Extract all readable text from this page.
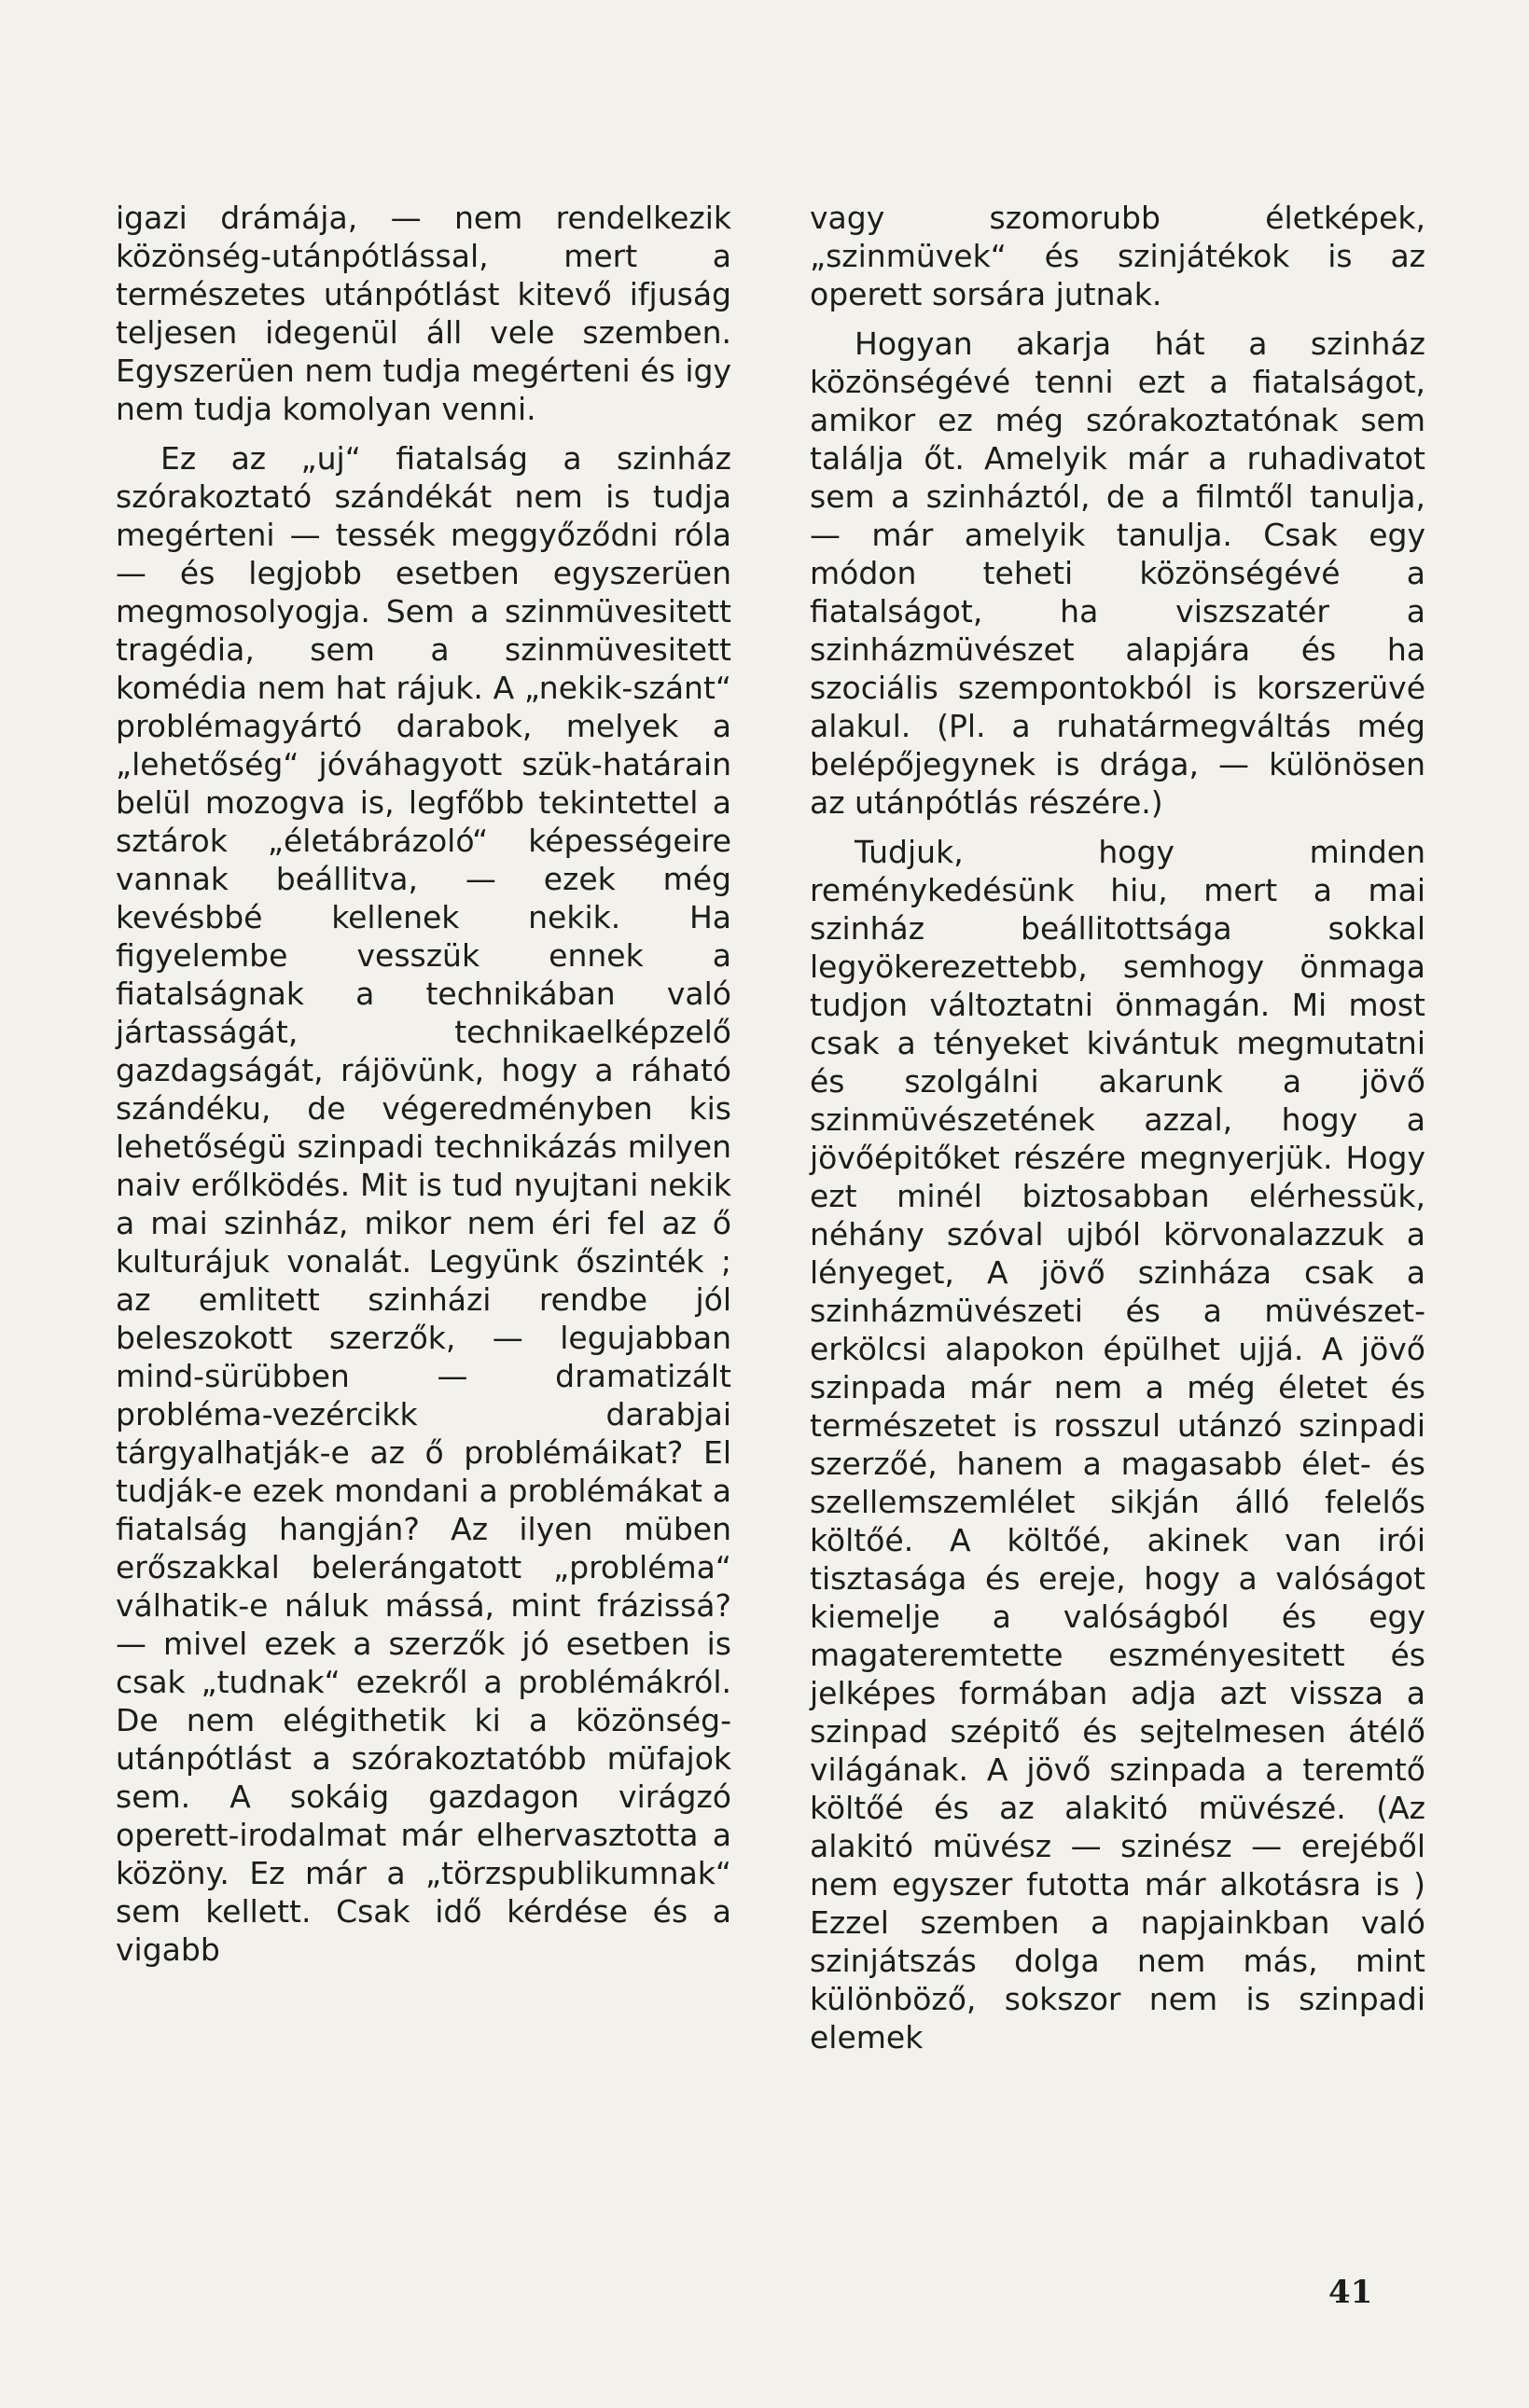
igazi drámája, — nem rendelkezik közönség-utánpótlással, mert a természetes utánpótlást kitevő ifjuság teljesen idegenül áll vele szemben. Egyszerüen nem tudja megérteni és igy nem tudja komolyan venni.

Ez az „uj“ fiatalság a szinház szórakoztató szándékát nem is tudja megérteni — tessék meggyőződni róla — és legjobb esetben egyszerüen megmosolyogja. Sem a szinmüvesitett tragédia, sem a szinmüvesitett komédia nem hat rájuk. A „nekik-szánt“ problémagyártó darabok, melyek a „lehetőség“ jóváhagyott szük-határain belül mozogva is, legfőbb tekintettel a sztárok „életábrázoló“ képességeire vannak beállitva, — ezek még kevésbbé kellenek nekik. Ha figyelembe vesszük ennek a fiatalságnak a technikában való jártasságát, technikaelképzelő gazdagságát, rájövünk, hogy a ráható szándéku, de végeredményben kis lehetőségü szinpadi technikázás milyen naiv erőlködés. Mit is tud nyujtani nekik a mai szinház, mikor nem éri fel az ő kulturájuk vonalát. Legyünk őszinték ; az emlitett szinházi rendbe jól beleszokott szerzők, — legujabban mind-sürübben — dramatizált probléma-vezércikk darabjai tárgyalhatják-e az ő problémáikat? El tudják-e ezek mondani a problémákat a fiatalság hangján? Az ilyen müben erőszakkal belerángatott „probléma“ válhatik-e náluk mássá, mint frázissá? — mivel ezek a szerzők jó esetben is csak „tudnak“ ezekről a problémákról. De nem elégithetik ki a közönség-utánpótlást a szórakoztatóbb müfajok sem. A sokáig gazdagon virágzó operett-irodalmat már elhervasztotta a közöny. Ez már a „törzspublikumnak“ sem kellett. Csak idő kérdése és a vigabb

vagy szomorubb életképek, „szinmüvek“ és szinjátékok is az operett sorsára jutnak.

Hogyan akarja hát a szinház közönségévé tenni ezt a fiatalságot, amikor ez még szórakoztatónak sem találja őt. Amelyik már a ruhadivatot sem a szinháztól, de a filmtől tanulja, — már amelyik tanulja. Csak egy módon teheti közönségévé a fiatalságot, ha viszszatér a szinházmüvészet alapjára és ha szociális szempontokból is korszerüvé alakul. (Pl. a ruhatármegváltás még belépőjegynek is drága, — különösen az utánpótlás részére.)

Tudjuk, hogy minden reménykedésünk hiu, mert a mai szinház beállitottsága sokkal legyökerezettebb, semhogy önmaga tudjon változtatni önmagán. Mi most csak a tényeket kivántuk megmutatni és szolgálni akarunk a jövő szinmüvészetének azzal, hogy a jövőépitőket részére megnyerjük. Hogy ezt minél biztosabban elérhessük, néhány szóval ujból körvonalazzuk a lényeget, A jövő szinháza csak a szinházmüvészeti és a müvészet-erkölcsi alapokon épülhet ujjá. A jövő szinpada már nem a még életet és természetet is rosszul utánzó szinpadi szerzőé, hanem a magasabb élet- és szellemszemlélet sikján álló felelős költőé. A költőé, akinek van irói tisztasága és ereje, hogy a valóságot kiemelje a valóságból és egy magateremtette eszményesitett és jelképes formában adja azt vissza a szinpad szépitő és sejtelmesen átélő világának. A jövő szinpada a teremtő költőé és az alakitó müvészé. (Az alakitó müvész — szinész — erejéből nem egyszer futotta már alkotásra is ) Ezzel szemben a napjainkban való szinjátszás dolga nem más, mint különböző, sokszor nem is szinpadi elemek

41
